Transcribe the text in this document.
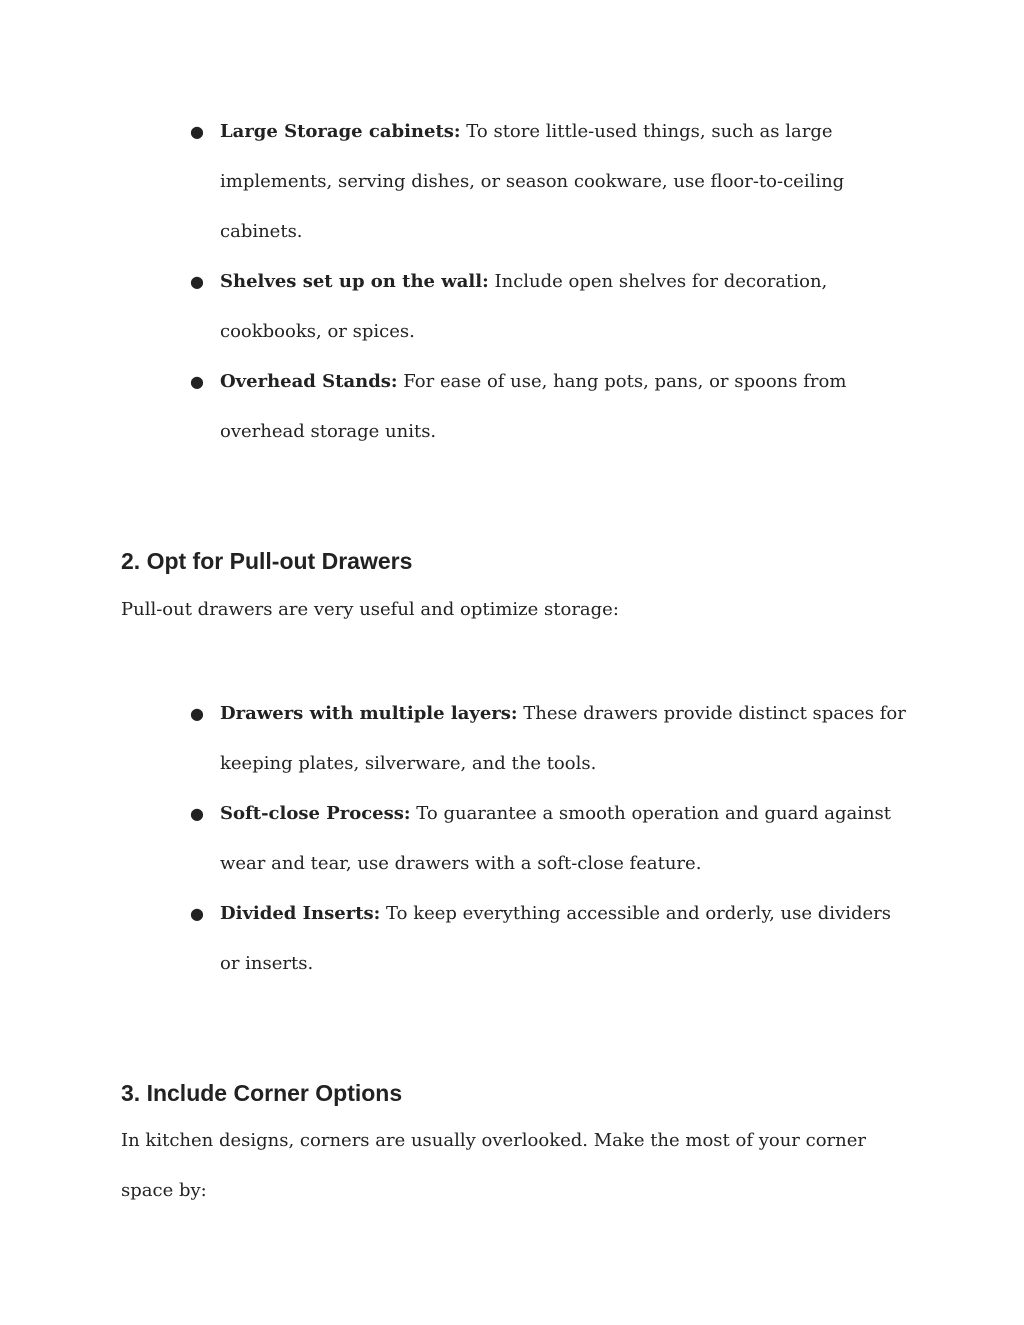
● Large Storage cabinets: To store little-used things, such as large implements, serving dishes, or season cookware, use floor-to-ceiling cabinets.
● Shelves set up on the wall: Include open shelves for decoration, cookbooks, or spices.
● Overhead Stands: For ease of use, hang pots, pans, or spoons from overhead storage units.
2. Opt for Pull-out Drawers

Pull-out drawers are very useful and optimize storage:

● Drawers with multiple layers: These drawers provide distinct spaces for keeping plates, silverware, and the tools.
● Soft-close Process: To guarantee a smooth operation and guard against wear and tear, use drawers with a soft-close feature.
● Divided Inserts: To keep everything accessible and orderly, use dividers or inserts.
3. Include Corner Options

In kitchen designs, corners are usually overlooked. Make the most of your corner space by:
